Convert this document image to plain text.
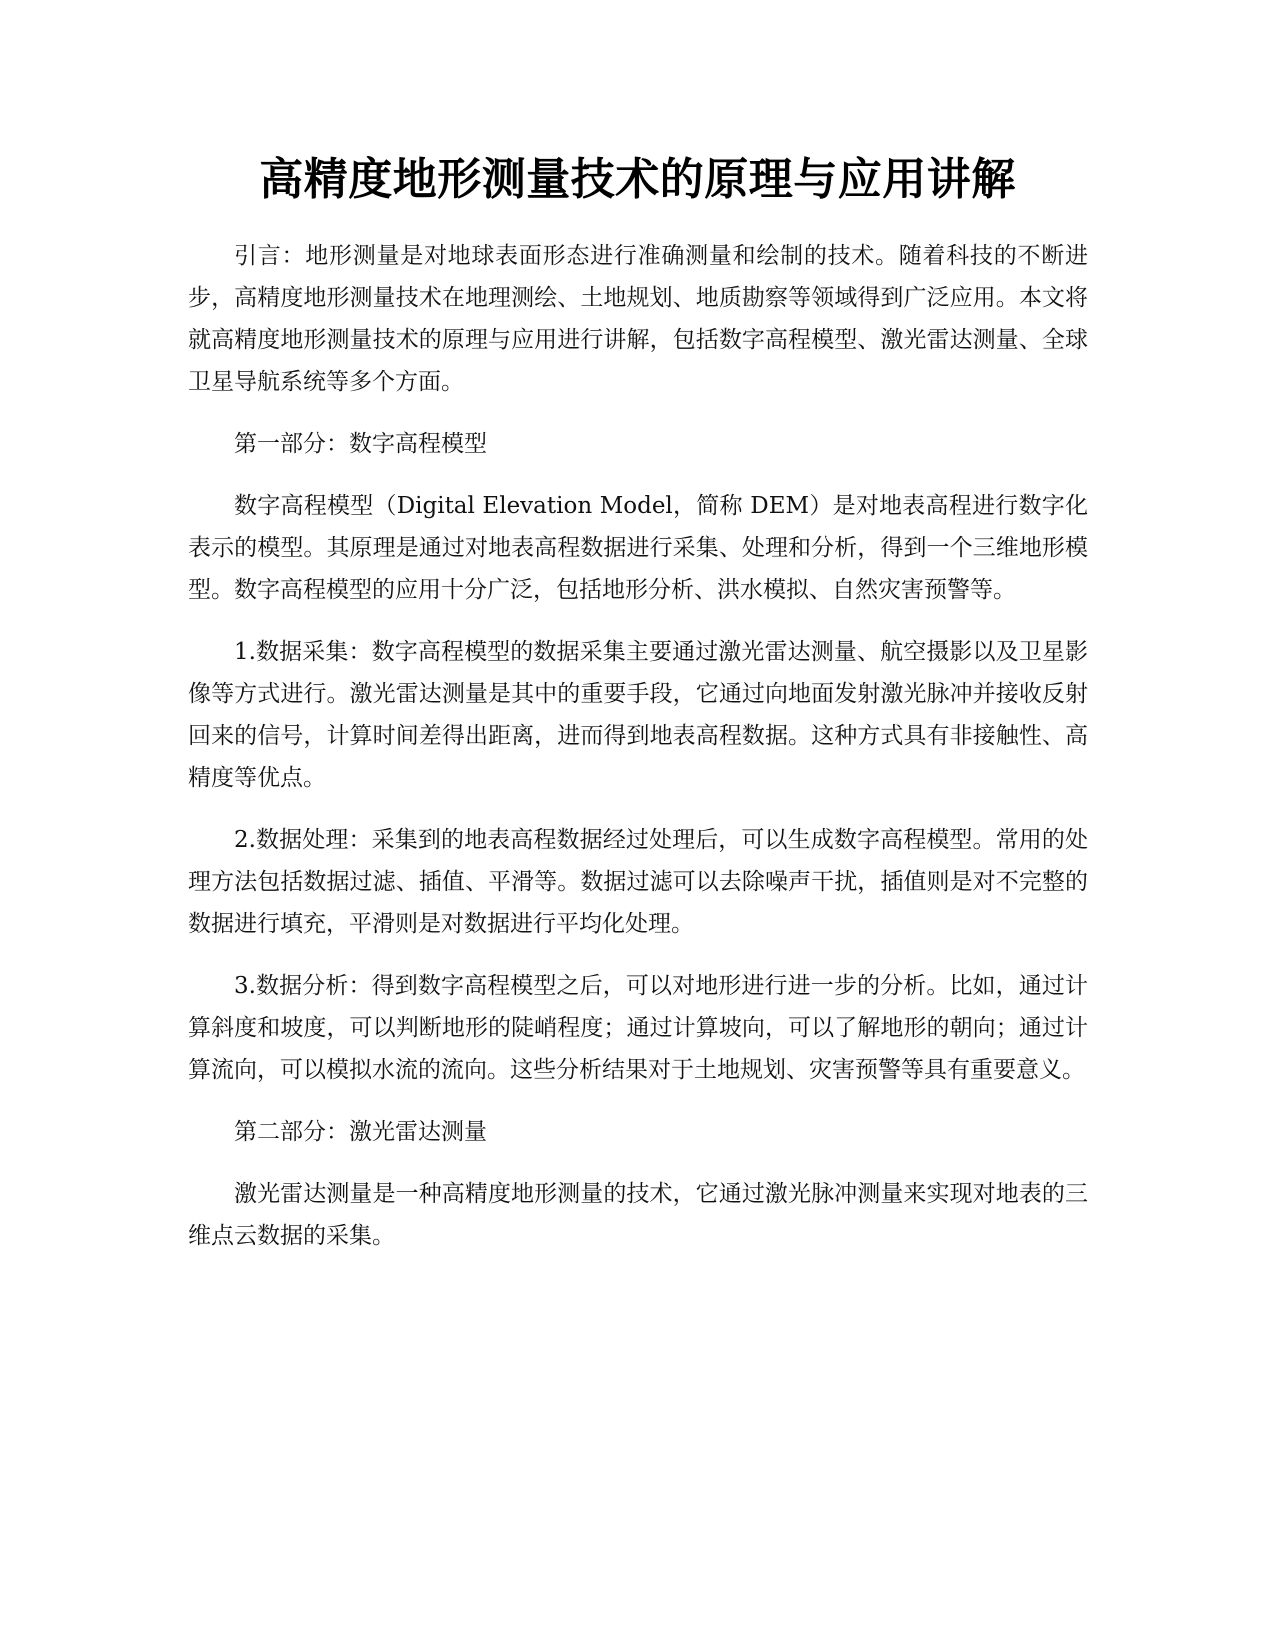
高精度地形测量技术的原理与应用讲解

引言：地形测量是对地球表面形态进行准确测量和绘制的技术。随着科技的不断进步，高精度地形测量技术在地理测绘、土地规划、地质勘察等领域得到广泛应用。本文将就高精度地形测量技术的原理与应用进行讲解，包括数字高程模型、激光雷达测量、全球卫星导航系统等多个方面。

第一部分：数字高程模型

数字高程模型（Digital Elevation Model，简称 DEM）是对地表高程进行数字化表示的模型。其原理是通过对地表高程数据进行采集、处理和分析，得到一个三维地形模型。数字高程模型的应用十分广泛，包括地形分析、洪水模拟、自然灾害预警等。

1.数据采集：数字高程模型的数据采集主要通过激光雷达测量、航空摄影以及卫星影像等方式进行。激光雷达测量是其中的重要手段，它通过向地面发射激光脉冲并接收反射回来的信号，计算时间差得出距离，进而得到地表高程数据。这种方式具有非接触性、高精度等优点。

2.数据处理：采集到的地表高程数据经过处理后，可以生成数字高程模型。常用的处理方法包括数据过滤、插值、平滑等。数据过滤可以去除噪声干扰，插值则是对不完整的数据进行填充，平滑则是对数据进行平均化处理。

3.数据分析：得到数字高程模型之后，可以对地形进行进一步的分析。比如，通过计算斜度和坡度，可以判断地形的陡峭程度；通过计算坡向，可以了解地形的朝向；通过计算流向，可以模拟水流的流向。这些分析结果对于土地规划、灾害预警等具有重要意义。

第二部分：激光雷达测量

激光雷达测量是一种高精度地形测量的技术，它通过激光脉冲测量来实现对地表的三维点云数据的采集。
